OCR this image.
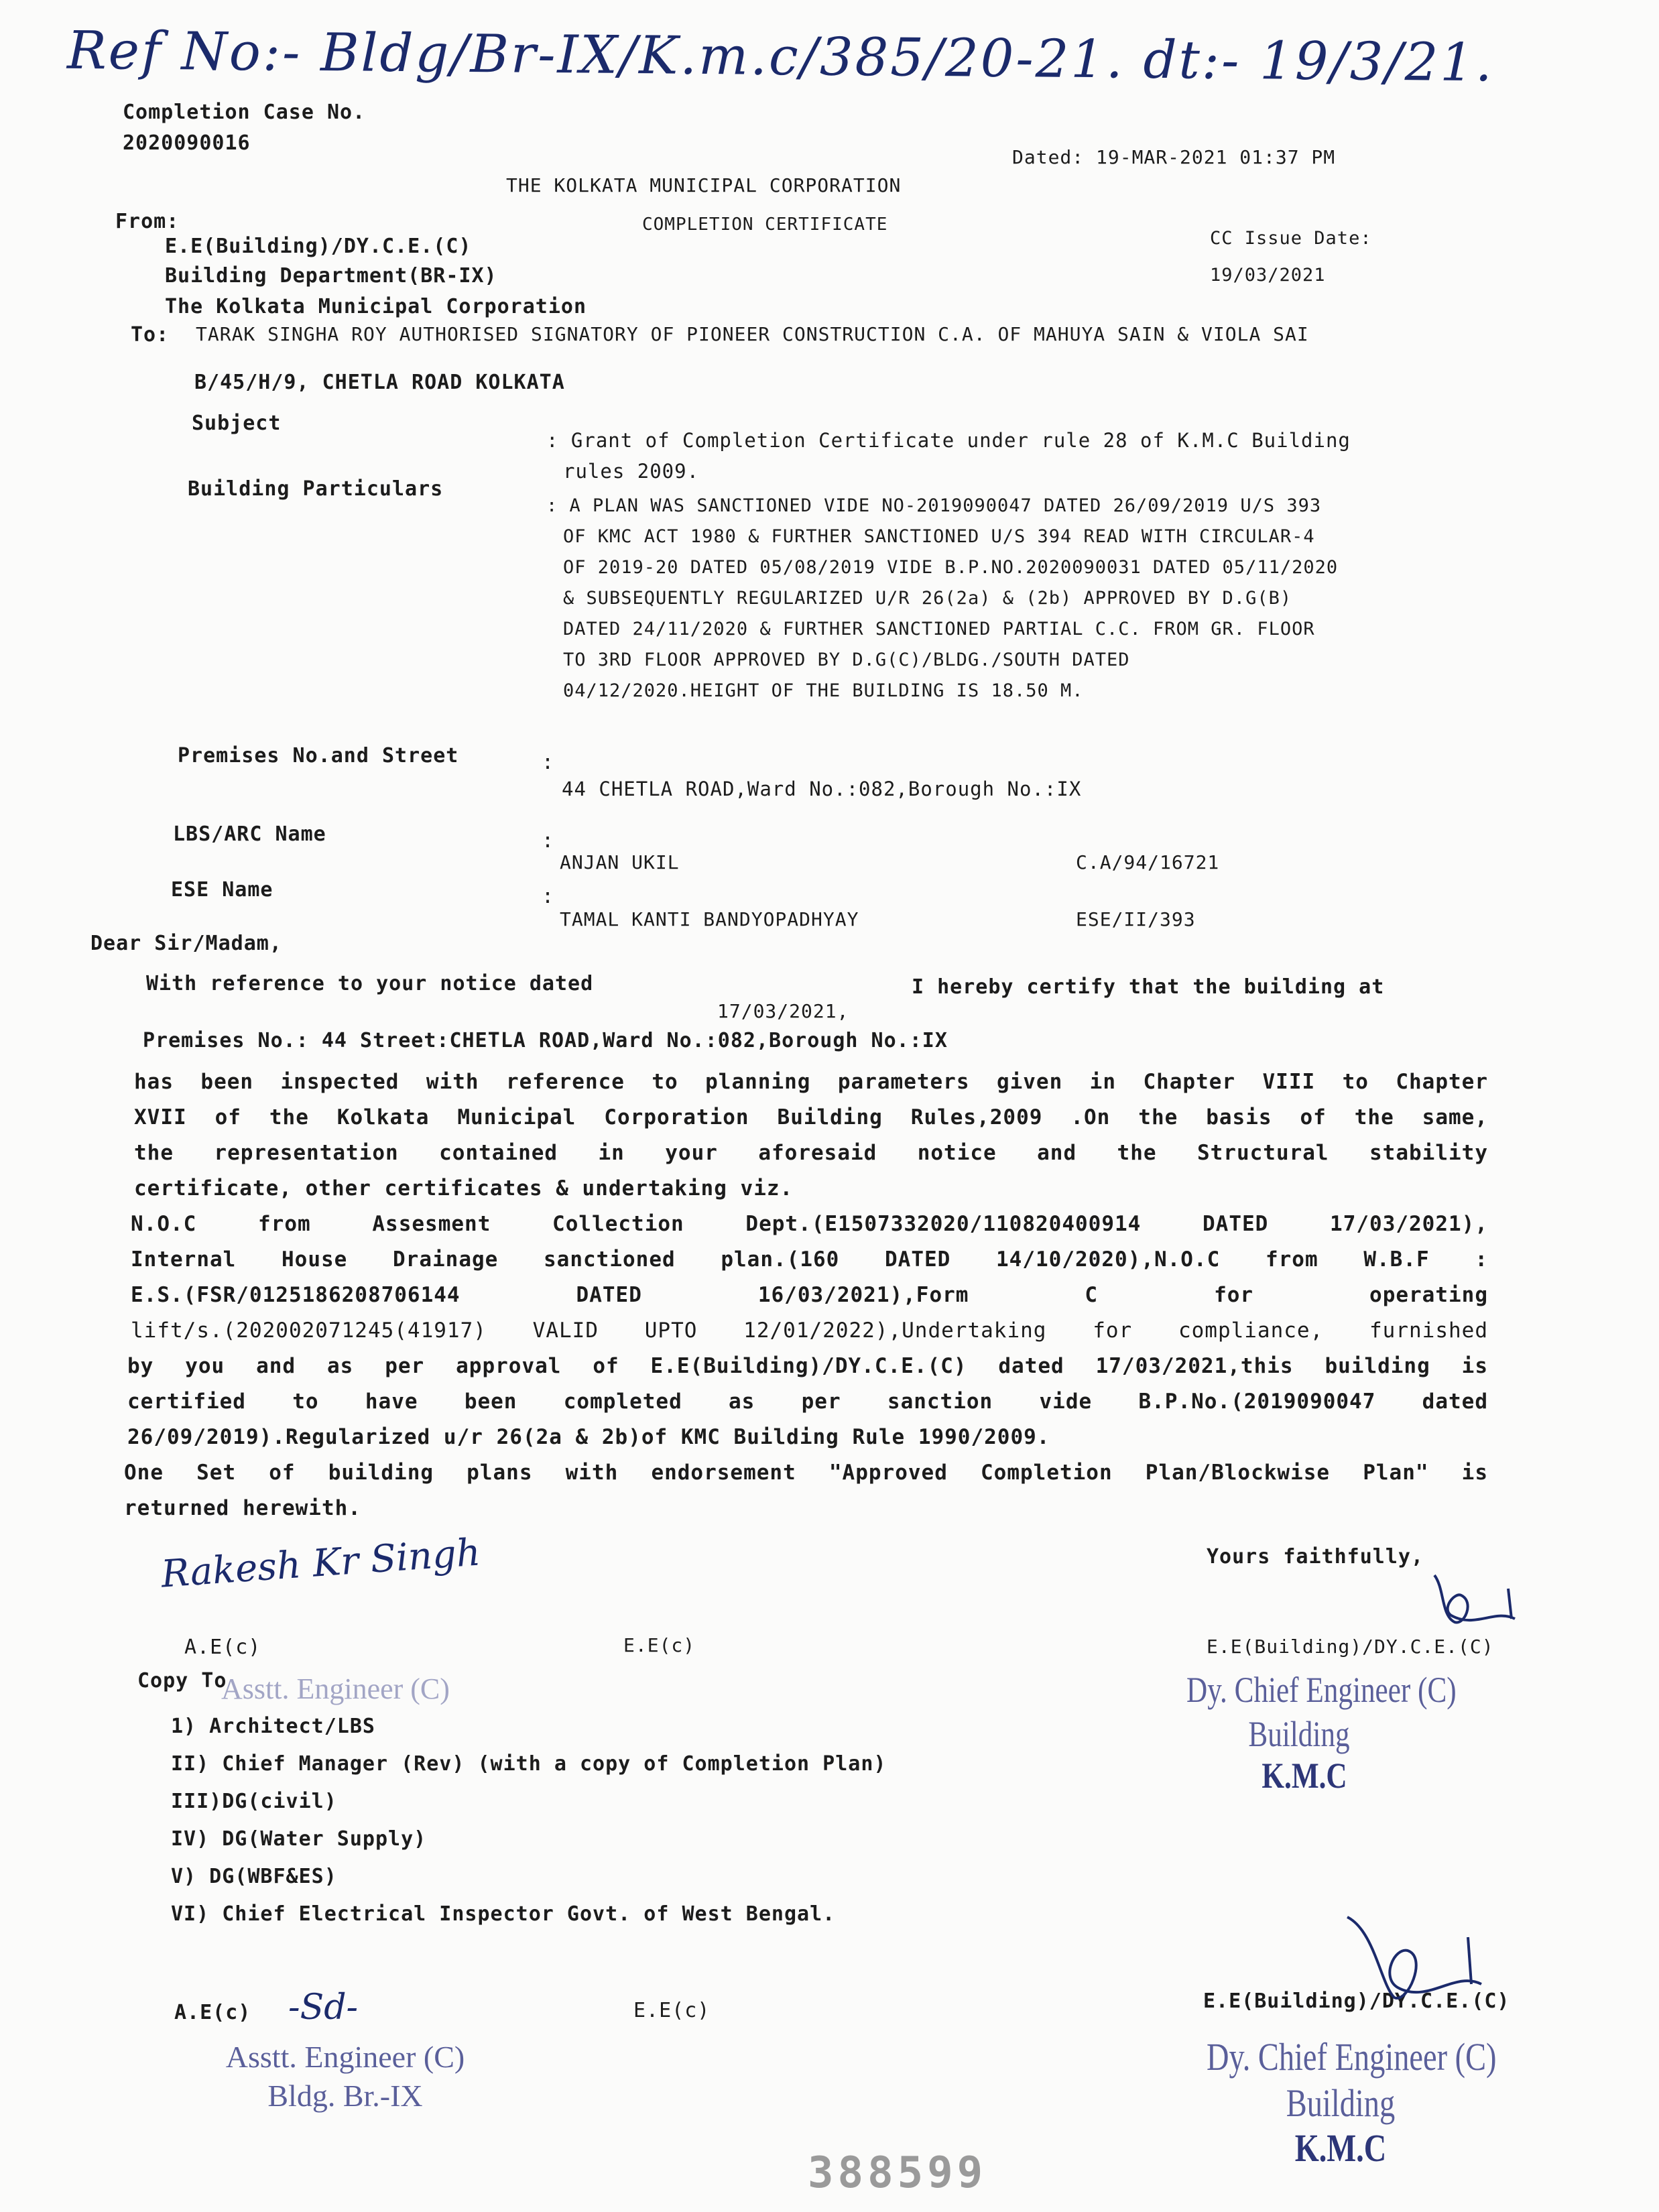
Ref No:- Bldg/Br-IX/K.m.c/385/20-21. dt:- 19/3/21.
Completion Case No.
2020090016
Dated: 19-MAR-2021 01:37 PM
THE KOLKATA MUNICIPAL CORPORATION
COMPLETION CERTIFICATE
CC Issue Date:
19/03/2021
From:
E.E(Building)/DY.C.E.(C)
Building Department(BR-IX)
The Kolkata Municipal Corporation
To: TARAK SINGHA ROY AUTHORISED SIGNATORY OF PIONEER CONSTRUCTION C.A. OF MAHUYA SAIN & VIOLA SAI
B/45/H/9, CHETLA ROAD KOLKATA
Subject
: Grant of Completion Certificate under rule 28 of K.M.C Building
rules 2009.
Building Particulars
: A PLAN WAS SANCTIONED VIDE NO-2019090047 DATED 26/09/2019 U/S 393
OF KMC ACT 1980 & FURTHER SANCTIONED U/S 394 READ WITH CIRCULAR-4
OF 2019-20 DATED 05/08/2019 VIDE B.P.NO.2020090031 DATED 05/11/2020
& SUBSEQUENTLY REGULARIZED U/R 26(2a) & (2b) APPROVED BY D.G(B)
DATED 24/11/2020 & FURTHER SANCTIONED PARTIAL C.C. FROM GR. FLOOR
TO 3RD FLOOR APPROVED BY D.G(C)/BLDG./SOUTH DATED
04/12/2020.HEIGHT OF THE BUILDING IS 18.50 M.
Premises No.and Street	:
44 CHETLA ROAD,Ward No.:082,Borough No.:IX
LBS/ARC Name	:
ANJAN UKIL	C.A/94/16721
ESE Name	:
TAMAL KANTI BANDYOPADHYAY	ESE/II/393
Dear Sir/Madam,
With reference to your notice dated	I hereby certify that the building at
17/03/2021,
Premises No.: 44 Street:CHETLA ROAD,Ward No.:082,Borough No.:IX
has been inspected with reference to planning parameters given in Chapter VIII to Chapter
XVII of the Kolkata Municipal Corporation Building Rules,2009 .On the basis of the same,
the representation contained in your aforesaid notice and the Structural stability
certificate, other certificates & undertaking viz.
N.O.C from Assesment Collection Dept.(E1507332020/110820400914 DATED 17/03/2021),
Internal House Drainage sanctioned plan.(160 DATED 14/10/2020),N.O.C from W.B.F :
E.S.(FSR/0125186208706144 DATED 16/03/2021),Form C for operating
lift/s.(202002071245(41917) VALID UPTO 12/01/2022),Undertaking for compliance, furnished
by you and as per approval of E.E(Building)/DY.C.E.(C) dated 17/03/2021,this building is
certified to have been completed as per sanction vide B.P.No.(2019090047 dated
26/09/2019).Regularized u/r 26(2a & 2b)of KMC Building Rule 1990/2009.
One Set of building plans with endorsement "Approved Completion Plan/Blockwise Plan" is
returned herewith.
Yours faithfully,
Rakesh Kr Singh
A.E(c)	E.E(c)	E.E(Building)/DY.C.E.(C)
Dy. Chief Engineer (C)
Building
K.M.C
Copy To
Asstt. Engineer (C)
1) Architect/LBS
II) Chief Manager (Rev) (with a copy of Completion Plan)
III)DG(civil)
IV) DG(Water Supply)
V) DG(WBF&ES)
VI) Chief Electrical Inspector Govt. of West Bengal.
A.E(c) -Sd-	E.E(c)	E.E(Building)/DY.C.E.(C)
Asstt. Engineer (C)
Bldg. Br.-IX
Dy. Chief Engineer (C)
Building
K.M.C
388599
